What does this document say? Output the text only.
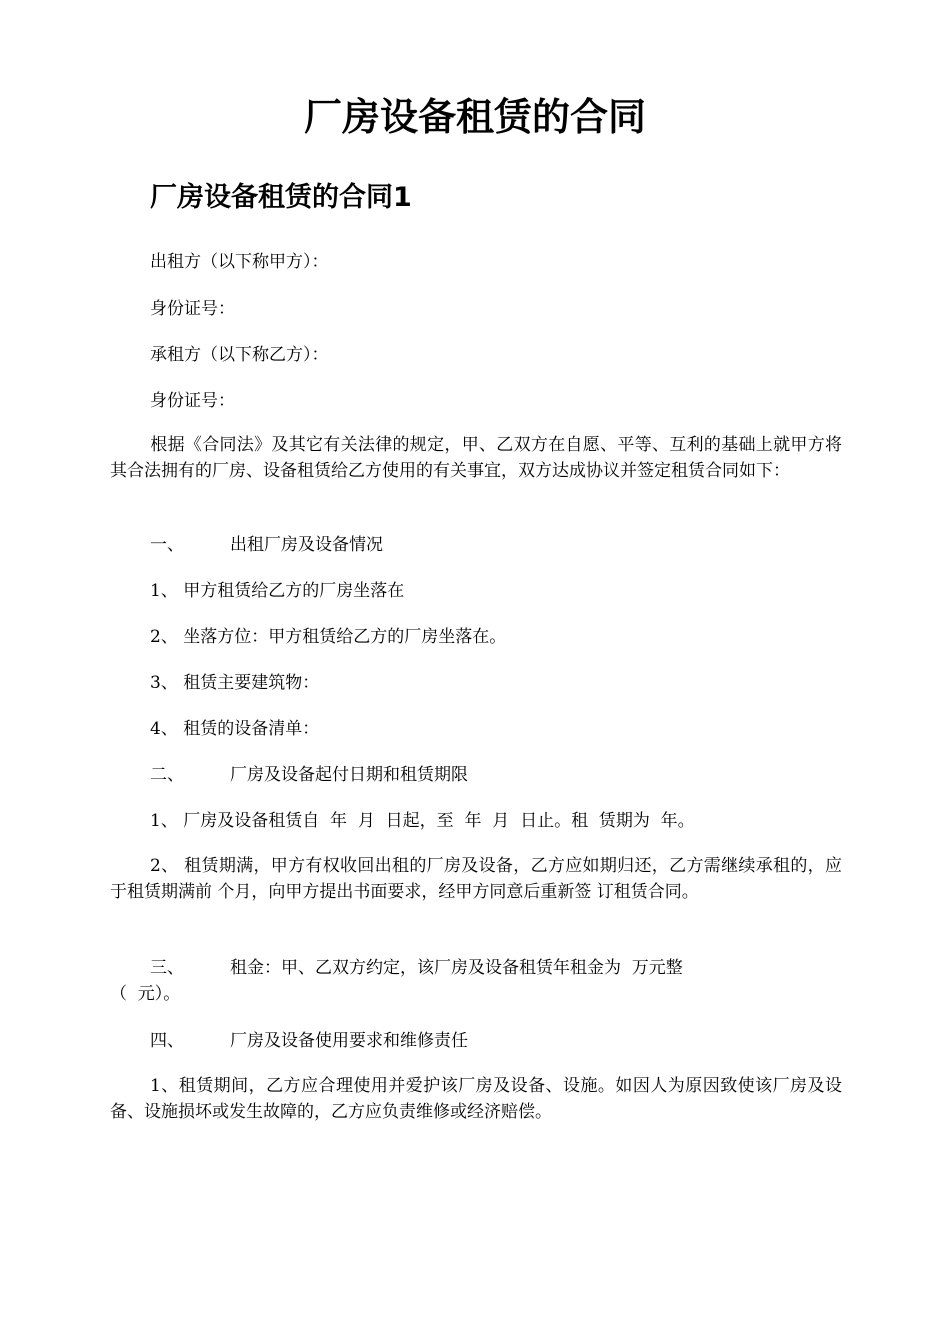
厂房设备租赁的合同
厂房设备租赁的合同1

出租方（以下称甲方）：

身份证号：

承租方（以下称乙方）：

身份证号：

根据《合同法》及其它有关法律的规定，甲、乙双方在自愿、平等、互利的基础上就甲方将其合法拥有的厂房、设备租赁给乙方使用的有关事宜，双方达成协议并签定租赁合同如下：

一、	出租厂房及设备情况

1、 甲方租赁给乙方的厂房坐落在

2、 坐落方位：甲方租赁给乙方的厂房坐落在。

3、 租赁主要建筑物：

4、 租赁的设备清单：

二、	厂房及设备起付日期和租赁期限

1、 厂房及设备租赁自  年  月  日起，至  年  月  日止。租  赁期为  年。

2、 租赁期满，甲方有权收回出租的厂房及设备，乙方应如期归还，乙方需继续承租的，应于租赁期满前 个月，向甲方提出书面要求，经甲方同意后重新签 订租赁合同。

三、	租金：甲、乙双方约定，该厂房及设备租赁年租金为  万元整
（  元）。

四、	厂房及设备使用要求和维修责任

1、租赁期间，乙方应合理使用并爱护该厂房及设备、设施。如因人为原因致使该厂房及设备、设施损坏或发生故障的，乙方应负责维修或经济赔偿。
